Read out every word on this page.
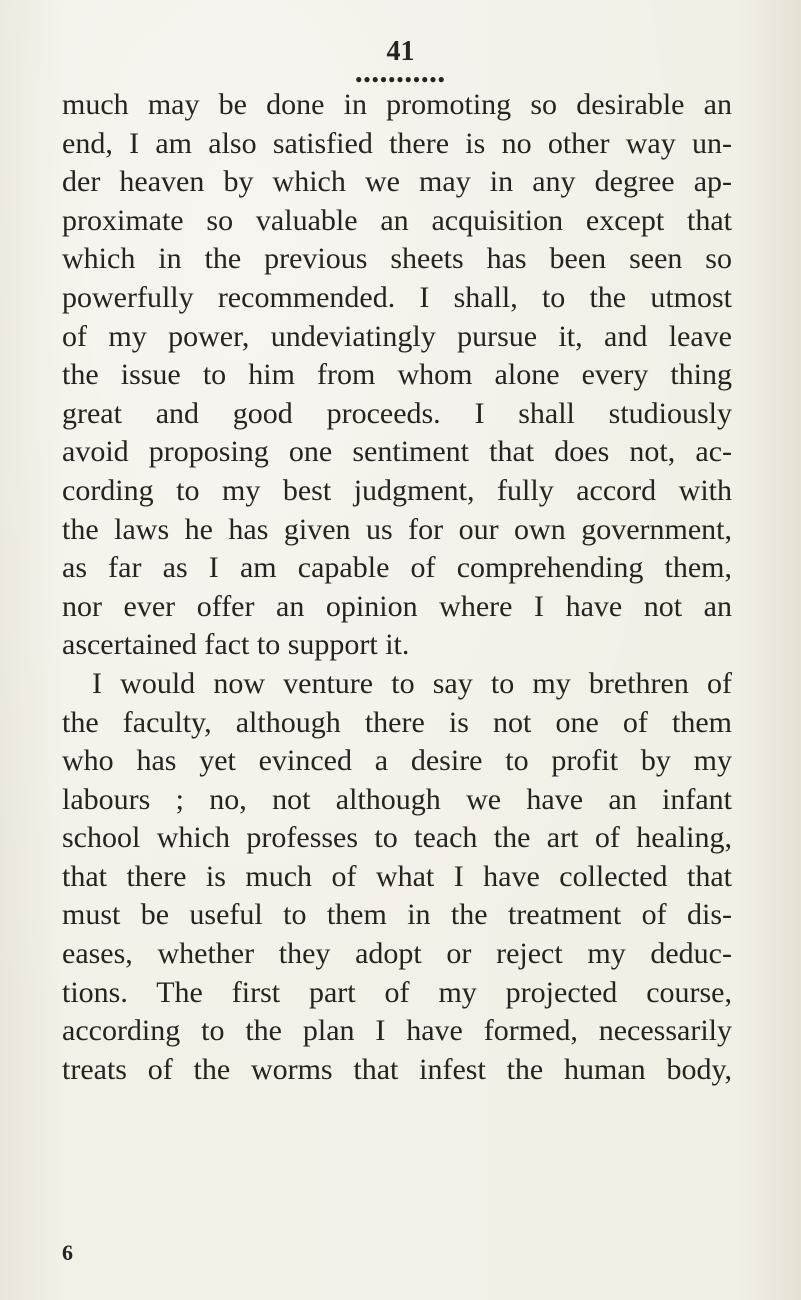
41
●●●●●●●●●●●
much may be done in promoting so desirable an
end, I am also satisfied there is no other way un-
der heaven by which we may in any degree ap-
proximate so valuable an acquisition except that
which in the previous sheets has been seen so
powerfully recommended. I shall, to the utmost
of my power, undeviatingly pursue it, and leave
the issue to him from whom alone every thing
great and good proceeds. I shall studiously
avoid proposing one sentiment that does not, ac-
cording to my best judgment, fully accord with
the laws he has given us for our own government,
as far as I am capable of comprehending them,
nor ever offer an opinion where I have not an
ascertained fact to support it.
I would now venture to say to my brethren of
the faculty, although there is not one of them
who has yet evinced a desire to profit by my
labours ; no, not although we have an infant
school which professes to teach the art of healing,
that there is much of what I have collected that
must be useful to them in the treatment of dis-
eases, whether they adopt or reject my deduc-
tions. The first part of my projected course,
according to the plan I have formed, necessarily
treats of the worms that infest the human body,
6
